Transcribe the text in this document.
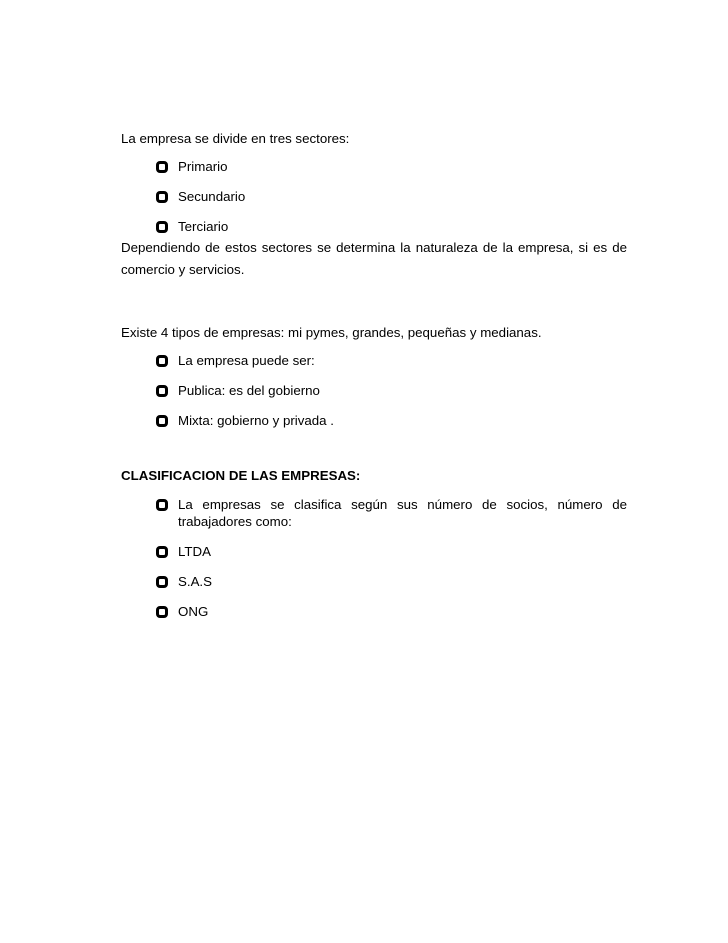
La empresa se divide en tres sectores:

Primario
Secundario
Terciario

Dependiendo de estos sectores se determina la naturaleza de la empresa, si es de comercio y servicios.

Existe 4 tipos de empresas: mi pymes, grandes, pequeñas y medianas.

La empresa puede ser:
Publica: es del gobierno
Mixta: gobierno y privada .

CLASIFICACION DE LAS EMPRESAS:

La empresas se clasifica según sus número de socios, número de trabajadores como:
LTDA
S.A.S
ONG
